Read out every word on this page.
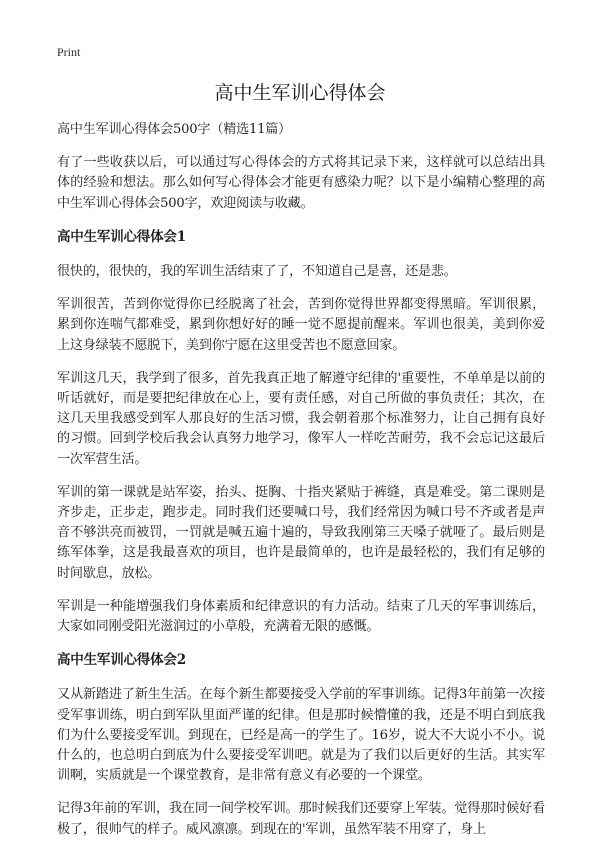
Print
高中生军训心得体会

高中生军训心得体会500字（精选11篇）

有了一些收获以后，可以通过写心得体会的方式将其记录下来，这样就可以总结出具体的经验和想法。那么如何写心得体会才能更有感染力呢？以下是小编精心整理的高中生军训心得体会500字，欢迎阅读与收藏。

高中生军训心得体会1

很快的，很快的，我的军训生活结束了了，不知道自己是喜，还是悲。

军训很苦，苦到你觉得你已经脱离了社会，苦到你觉得世界都变得黑暗。军训很累，累到你连喘气都难受，累到你想好好的睡一觉不愿提前醒来。军训也很美，美到你爱上这身绿装不愿脱下，美到你宁愿在这里受苦也不愿意回家。

军训这几天，我学到了很多，首先我真正地了解遵守纪律的'重要性，不单单是以前的听话就好，而是要把纪律放在心上，要有责任感，对自己所做的事负责任；其次，在这几天里我感受到军人那良好的生活习惯，我会朝着那个标准努力，让自己拥有良好的习惯。回到学校后我会认真努力地学习，像军人一样吃苦耐劳，我不会忘记这最后一次军营生活。

军训的第一课就是站军姿，抬头、挺胸、十指夹紧贴于裤缝，真是难受。第二课则是齐步走，正步走，跑步走。同时我们还要喊口号，我们经常因为喊口号不齐或者是声音不够洪亮而被罚，一罚就是喊五遍十遍的，导致我刚第三天嗓子就哑了。最后则是练军体拳，这是我最喜欢的项目，也许是最简单的，也许是最轻松的，我们有足够的时间歇息，放松。

军训是一种能增强我们身体素质和纪律意识的有力活动。结束了几天的军事训练后，大家如同刚受阳光滋润过的小草般，充满着无限的感慨。

高中生军训心得体会2

又从新踏进了新生生活。在每个新生都要接受入学前的军事训练。记得3年前第一次接受军事训练，明白到军队里面严谨的纪律。但是那时候懵懂的我，还是不明白到底我们为什么要接受军训。到现在，已经是高一的学生了。16岁，说大不大说小不小。说什么的，也总明白到底为什么要接受军训吧。就是为了我们以后更好的生活。其实军训啊，实质就是一个课堂教育，是非常有意义有必要的一个课堂。

记得3年前的军训，我在同一间学校军训。那时候我们还要穿上军装。觉得那时候好看极了，很帅气的样子。威风凛凛。到现在的'军训，虽然军装不用穿了，身上
